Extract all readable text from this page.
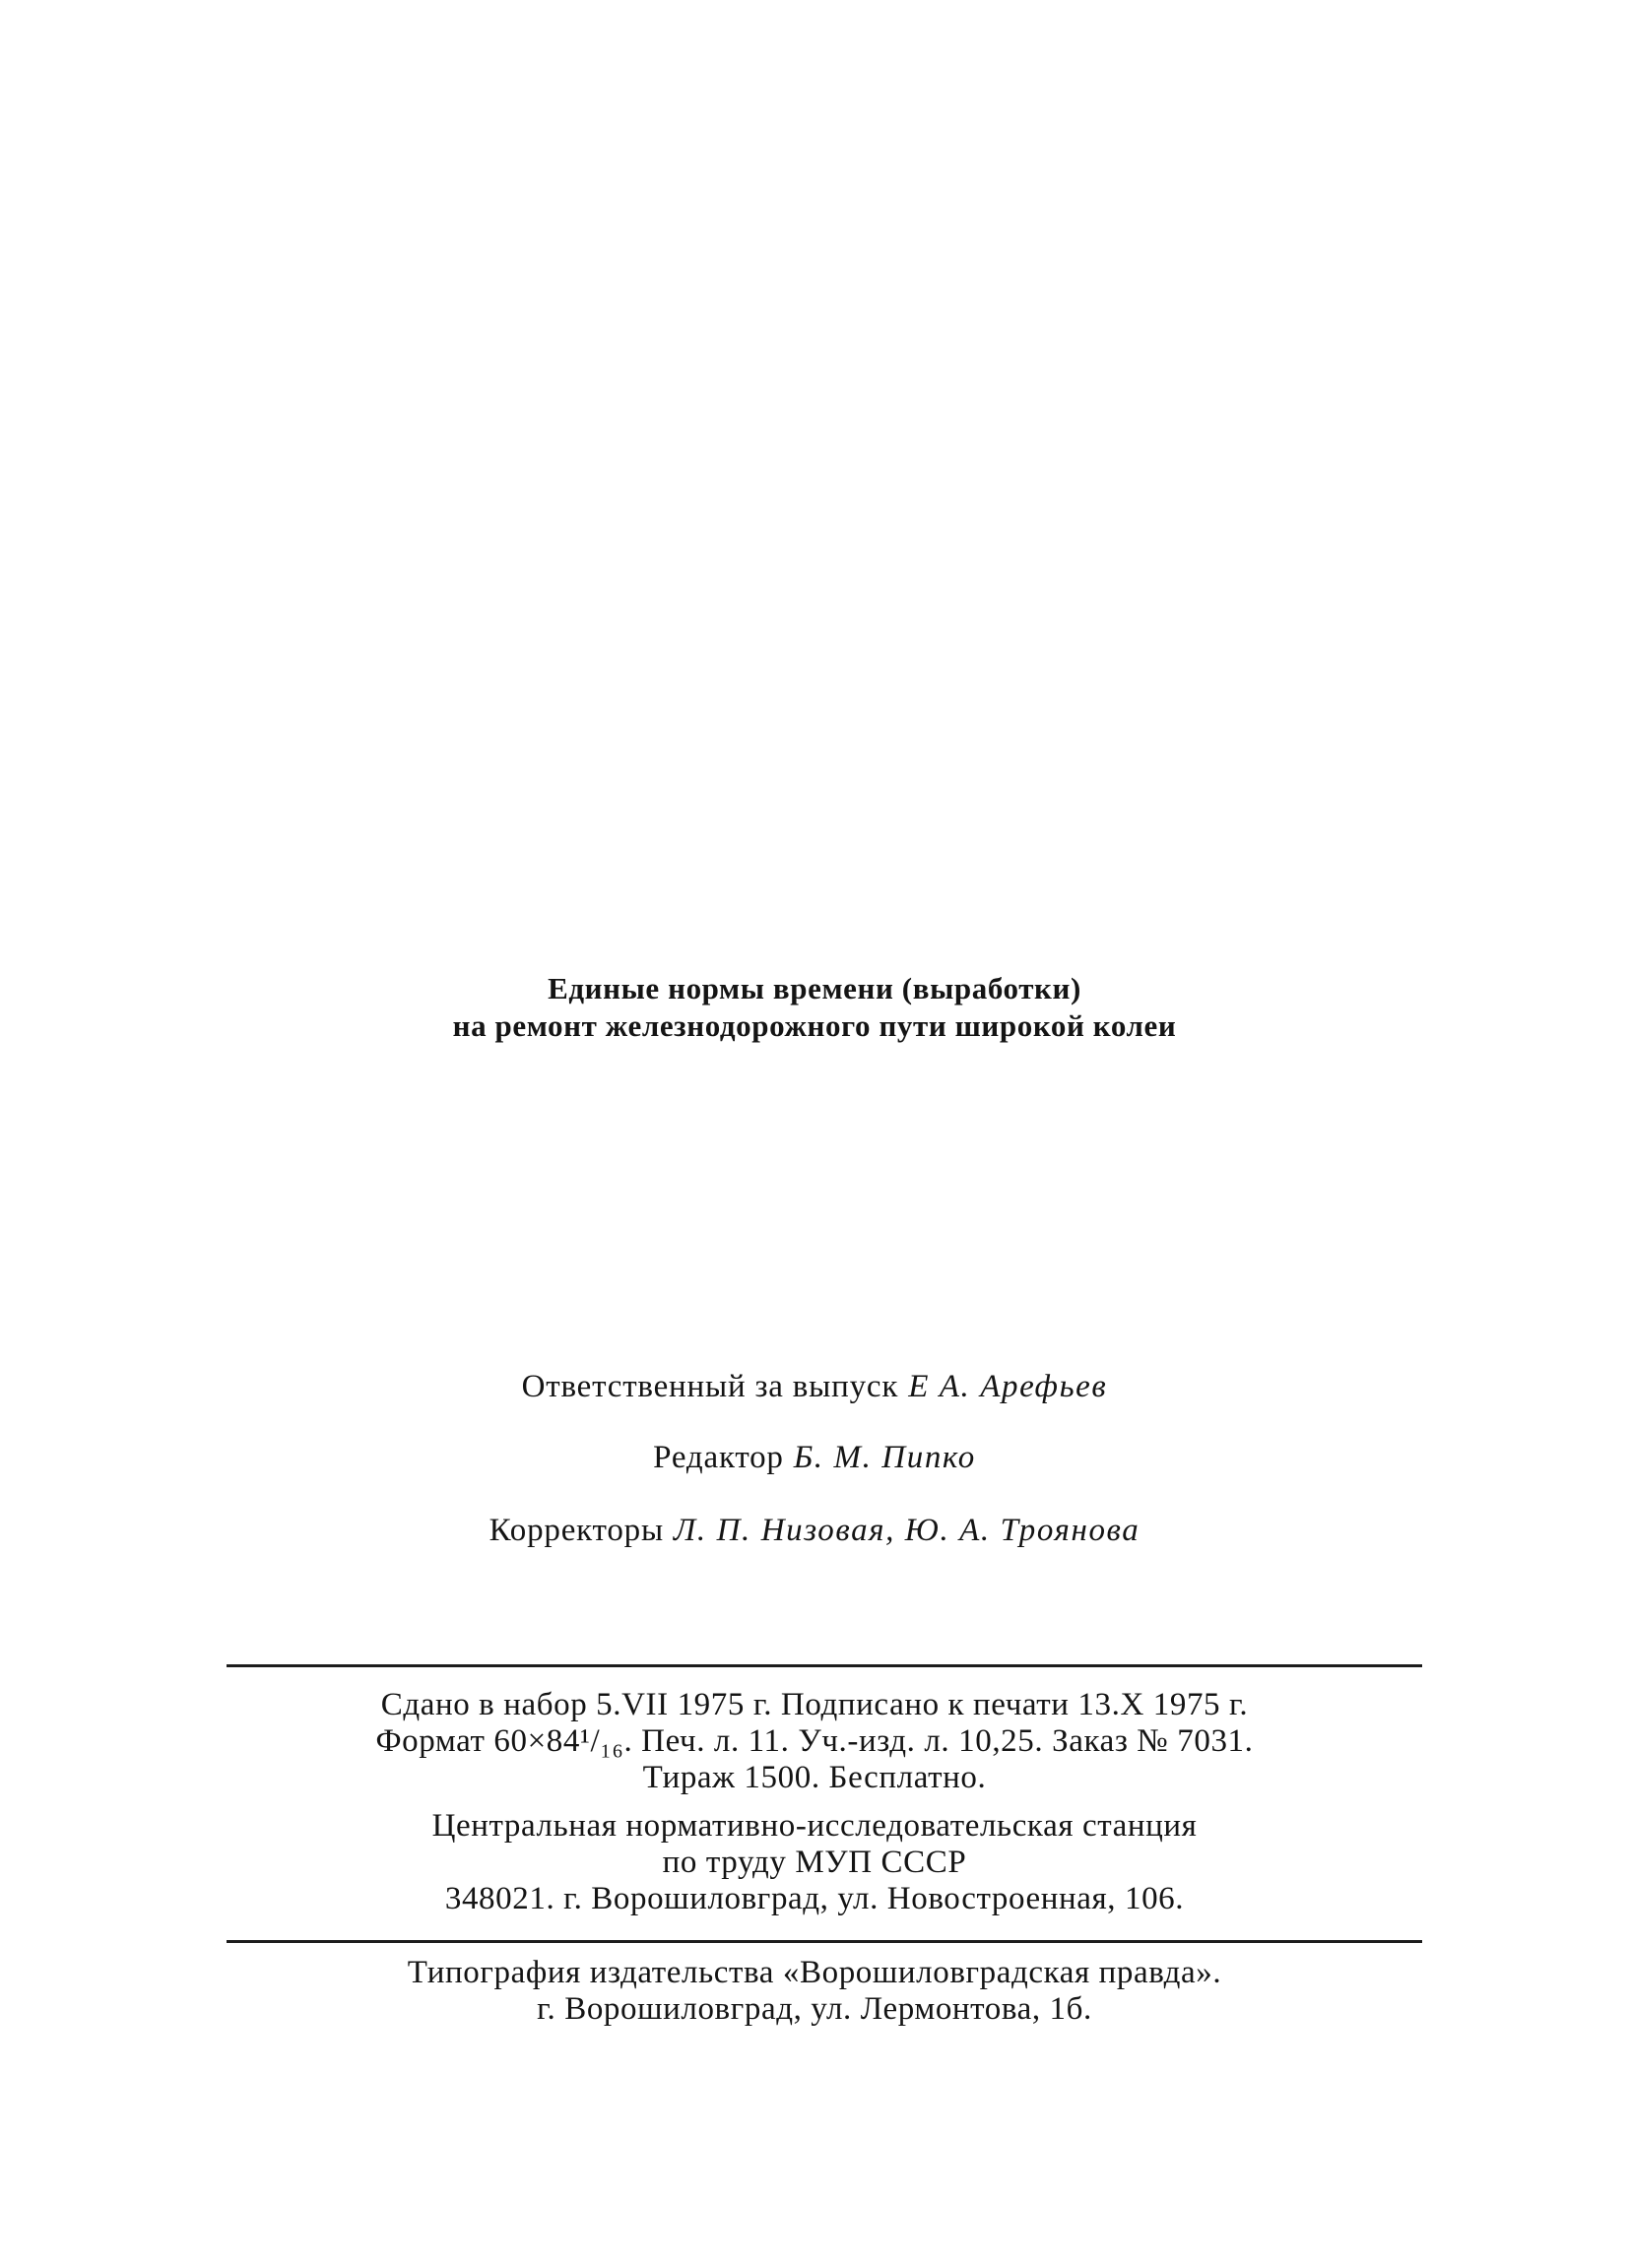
Единые нормы времени (выработки)
на ремонт железнодорожного пути широкой колеи
Ответственный за выпуск Е А. Арефьев
Редактор Б. М. Пипко
Корректоры Л. П. Низовая, Ю. А. Троянова
Сдано в набор 5.VII 1975 г. Подписано к печати 13.X 1975 г.
Формат 60×84¹/₁₆. Печ. л. 11. Уч.-изд. л. 10,25. Заказ № 7031.
Тираж 1500. Бесплатно.
Центральная нормативно-исследовательская станция
по труду МУП СССР
348021. г. Ворошиловград, ул. Новостроенная, 106.
Типография издательства «Ворошиловградская правда».
г. Ворошиловград, ул. Лермонтова, 1б.
